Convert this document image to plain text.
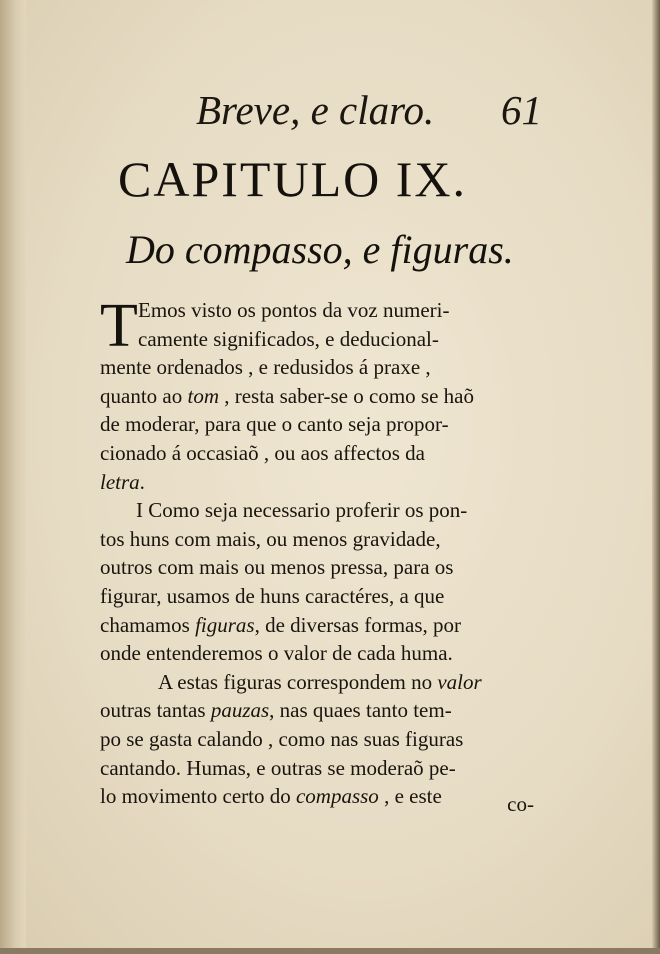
Breve, e claro. 61
CAPITULO IX.
Do compasso, e figuras.
T Emos visto os pontos da voz numeri-
camente significados, e deducional-
mente ordenados , e redusidos á praxe ,
quanto ao tom , resta saber-se o como se haõ
de moderar, para que o canto seja propor-
cionado á occasiaõ , ou aos affectos da
letra.
I Como seja necessario proferir os pon-
tos huns com mais, ou menos gravidade,
outros com mais ou menos pressa, para os
figurar, usamos de huns caractéres, a que
chamamos figuras, de diversas formas, por
onde entenderemos o valor de cada huma.
A estas figuras correspondem no valor
outras tantas pauzas, nas quaes tanto tem-
po se gasta calando , como nas suas figuras
cantando. Humas, e outras se moderaõ pe-
lo movimento certo do compasso , e este	co-
